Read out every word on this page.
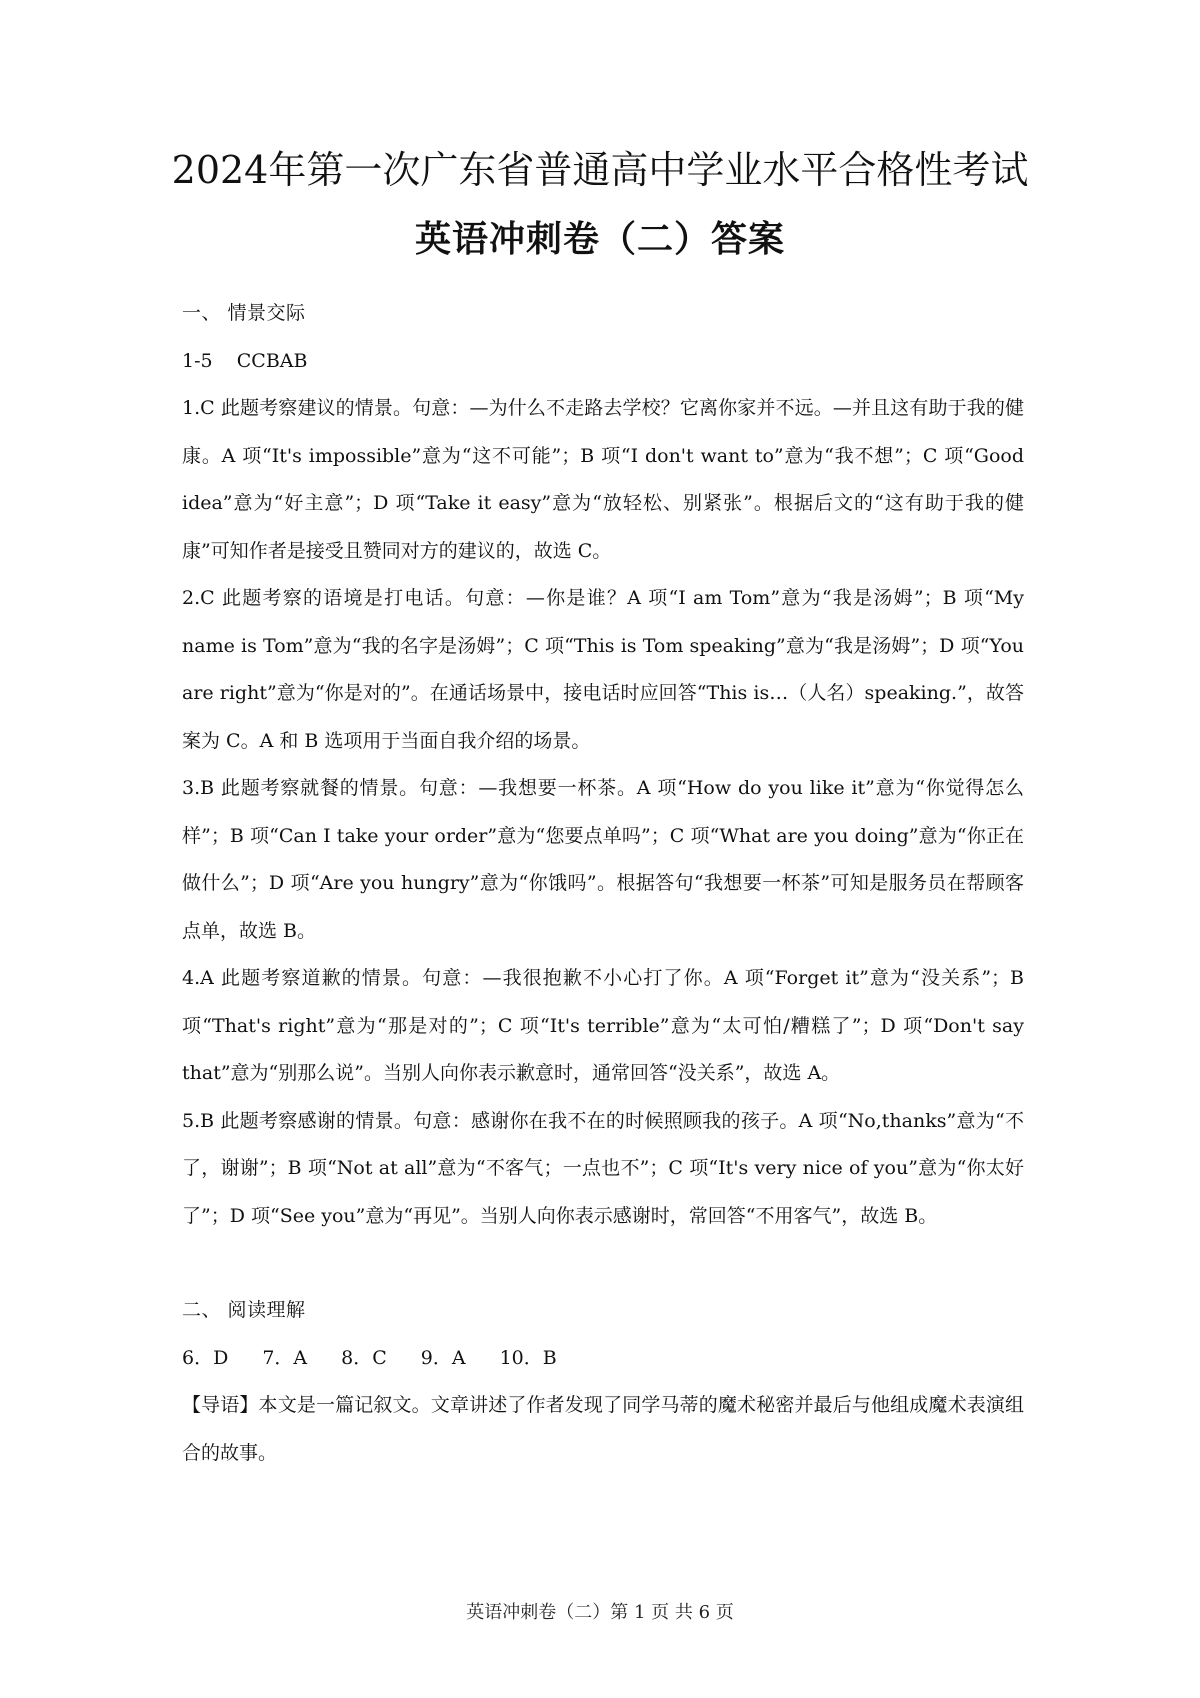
2024年第一次广东省普通高中学业水平合格性考试
英语冲刺卷（二）答案

一、 情景交际

1-5    CCBAB

1.C 此题考察建议的情景。句意：—为什么不走路去学校？它离你家并不远。—并且这有助于我的健康。A 项“It's impossible”意为“这不可能”；B 项“I don't want to”意为“我不想”；C 项“Good idea”意为“好主意”；D 项“Take it easy”意为“放轻松、别紧张”。根据后文的“这有助于我的健康”可知作者是接受且赞同对方的建议的，故选 C。

2.C 此题考察的语境是打电话。句意：—你是谁？A 项“I am Tom”意为“我是汤姆”；B 项“My name is Tom”意为“我的名字是汤姆”；C 项“This is Tom speaking”意为“我是汤姆”；D 项“You are right”意为“你是对的”。在通话场景中，接电话时应回答“This is…（人名）speaking.”，故答案为 C。A 和 B 选项用于当面自我介绍的场景。

3.B 此题考察就餐的情景。句意：—我想要一杯茶。A 项“How do you like it”意为“你觉得怎么样”；B 项“Can I take your order”意为“您要点单吗”；C 项“What are you doing”意为“你正在做什么”；D 项“Are you hungry”意为“你饿吗”。根据答句“我想要一杯茶”可知是服务员在帮顾客点单，故选 B。

4.A 此题考察道歉的情景。句意：—我很抱歉不小心打了你。A 项“Forget it”意为“没关系”；B 项“That's right”意为“那是对的”；C 项“It's terrible”意为“太可怕/糟糕了”；D 项“Don't say that”意为“别那么说”。当别人向你表示歉意时，通常回答“没关系”，故选 A。

5.B 此题考察感谢的情景。句意：感谢你在我不在的时候照顾我的孩子。A 项“No,thanks”意为“不了，谢谢”；B 项“Not at all”意为“不客气；一点也不”；C 项“It's very nice of you”意为“你太好了”；D 项“See you”意为“再见”。当别人向你表示感谢时，常回答“不用客气”，故选 B。

二、 阅读理解

6．D 7．A 8．C 9．A 10．B

【导语】本文是一篇记叙文。文章讲述了作者发现了同学马蒂的魔术秘密并最后与他组成魔术表演组合的故事。

英语冲刺卷（二）第 1 页 共 6 页
